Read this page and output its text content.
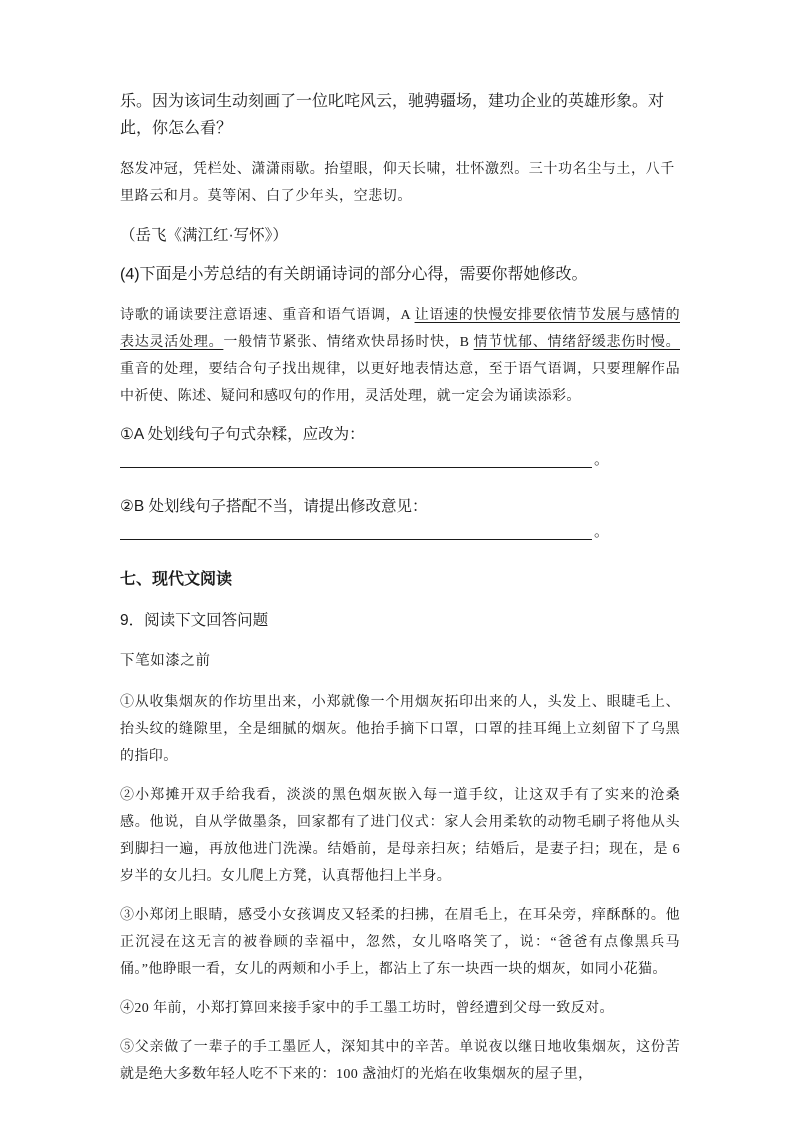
乐。因为该词生动刻画了一位叱咤风云，驰骋疆场，建功企业的英雄形象。对此，你怎么看？

怒发冲冠，凭栏处、潇潇雨歇。抬望眼，仰天长啸，壮怀激烈。三十功名尘与土，八千里路云和月。莫等闲、白了少年头，空悲切。

（岳飞《满江红·写怀》）

(4)下面是小芳总结的有关朗诵诗词的部分心得，需要你帮她修改。

诗歌的诵读要注意语速、重音和语气语调，A 让语速的快慢安排要依情节发展与感情的表达灵活处理。一般情节紧张、情绪欢快昂扬时快，B 情节忧郁、情绪舒缓悲伤时慢。重音的处理，要结合句子找出规律，以更好地表情达意，至于语气语调，只要理解作品中祈使、陈述、疑问和感叹句的作用，灵活处理，就一定会为诵读添彩。

①A 处划线句子句式杂糅，应改为：

。

②B 处划线句子搭配不当，请提出修改意见：

。

七、现代文阅读

9．阅读下文回答问题

下笔如漆之前

①从收集烟灰的作坊里出来，小郑就像一个用烟灰拓印出来的人，头发上、眼睫毛上、抬头纹的缝隙里，全是细腻的烟灰。他抬手摘下口罩，口罩的挂耳绳上立刻留下了乌黑的指印。

②小郑摊开双手给我看，淡淡的黑色烟灰嵌入每一道手纹，让这双手有了实来的沧桑感。他说，自从学做墨条，回家都有了进门仪式：家人会用柔软的动物毛刷子将他从头到脚扫一遍，再放他进门洗澡。结婚前，是母亲扫灰；结婚后，是妻子扫；现在，是 6 岁半的女儿扫。女儿爬上方凳，认真帮他扫上半身。

③小郑闭上眼睛，感受小女孩调皮又轻柔的扫拂，在眉毛上，在耳朵旁，痒酥酥的。他正沉浸在这无言的被眷顾的幸福中，忽然，女儿咯咯笑了，说：“爸爸有点像黑兵马俑。”他睁眼一看，女儿的两颊和小手上，都沾上了东一块西一块的烟灰，如同小花猫。

④20 年前，小郑打算回来接手家中的手工墨工坊时，曾经遭到父母一致反对。

⑤父亲做了一辈子的手工墨匠人，深知其中的辛苦。单说夜以继日地收集烟灰，这份苦就是绝大多数年轻人吃不下来的：100 盏油灯的光焰在收集烟灰的屋子里，
